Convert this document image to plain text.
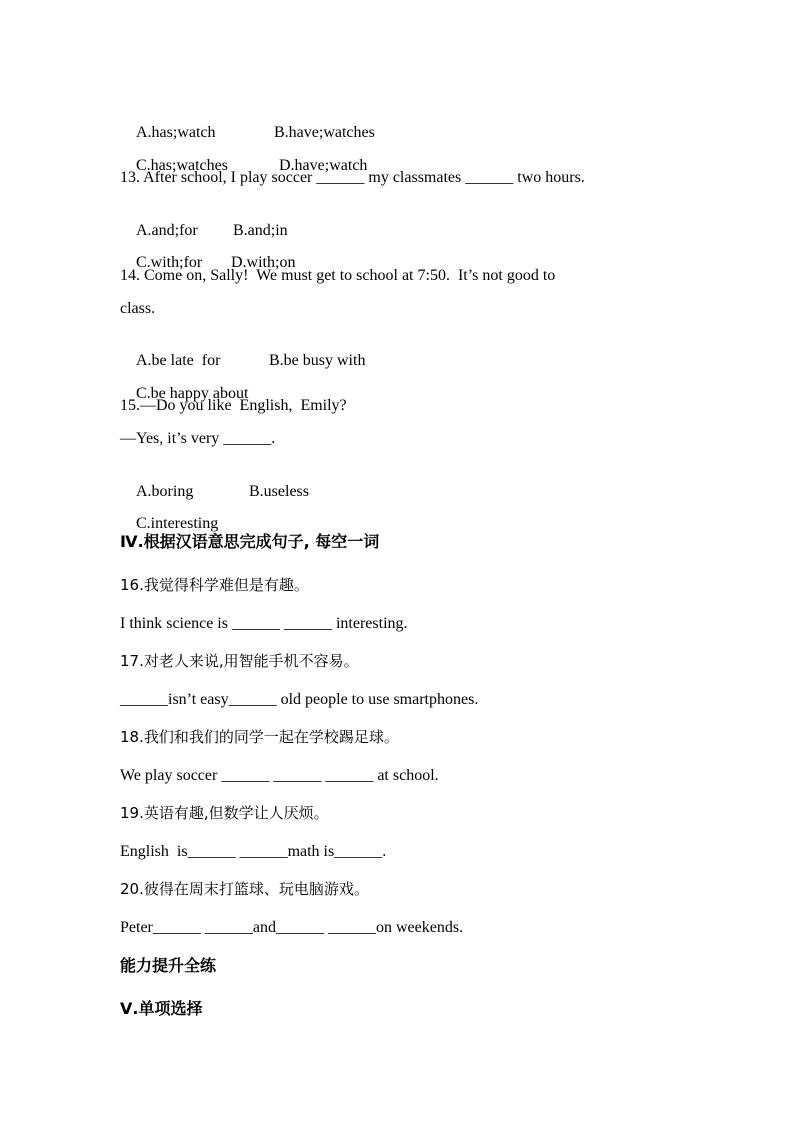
A.has;watch	B.have;watches

C.has;watches	D.have;watch

13. After school, I play soccer ______ my classmates ______ two hours.

A.and;for B.and;in

C.with;for D.with;on

14. Come on, Sally!  We must get to school at 7:50.  It’s not good to
class.

A.be late  for	B.be busy with

C.be happy about

15.—Do you like  English,  Emily?
—Yes, it’s very ______.

A.boring	B.useless

C.interesting

Ⅳ.根据汉语意思完成句子, 每空一词
16.我觉得科学难但是有趣。
I think science is ______ ______ interesting.
17.对老人来说,用智能手机不容易。
______isn’t easy______ old people to use smartphones.
18.我们和我们的同学一起在学校踢足球。
We play soccer ______ ______ ______ at school.
19.英语有趣,但数学让人厌烦。
English  is______ ______math is______.
20.彼得在周末打篮球、玩电脑游戏。
Peter______ ______and______ ______on weekends.
能力提升全练
Ⅴ.单项选择
